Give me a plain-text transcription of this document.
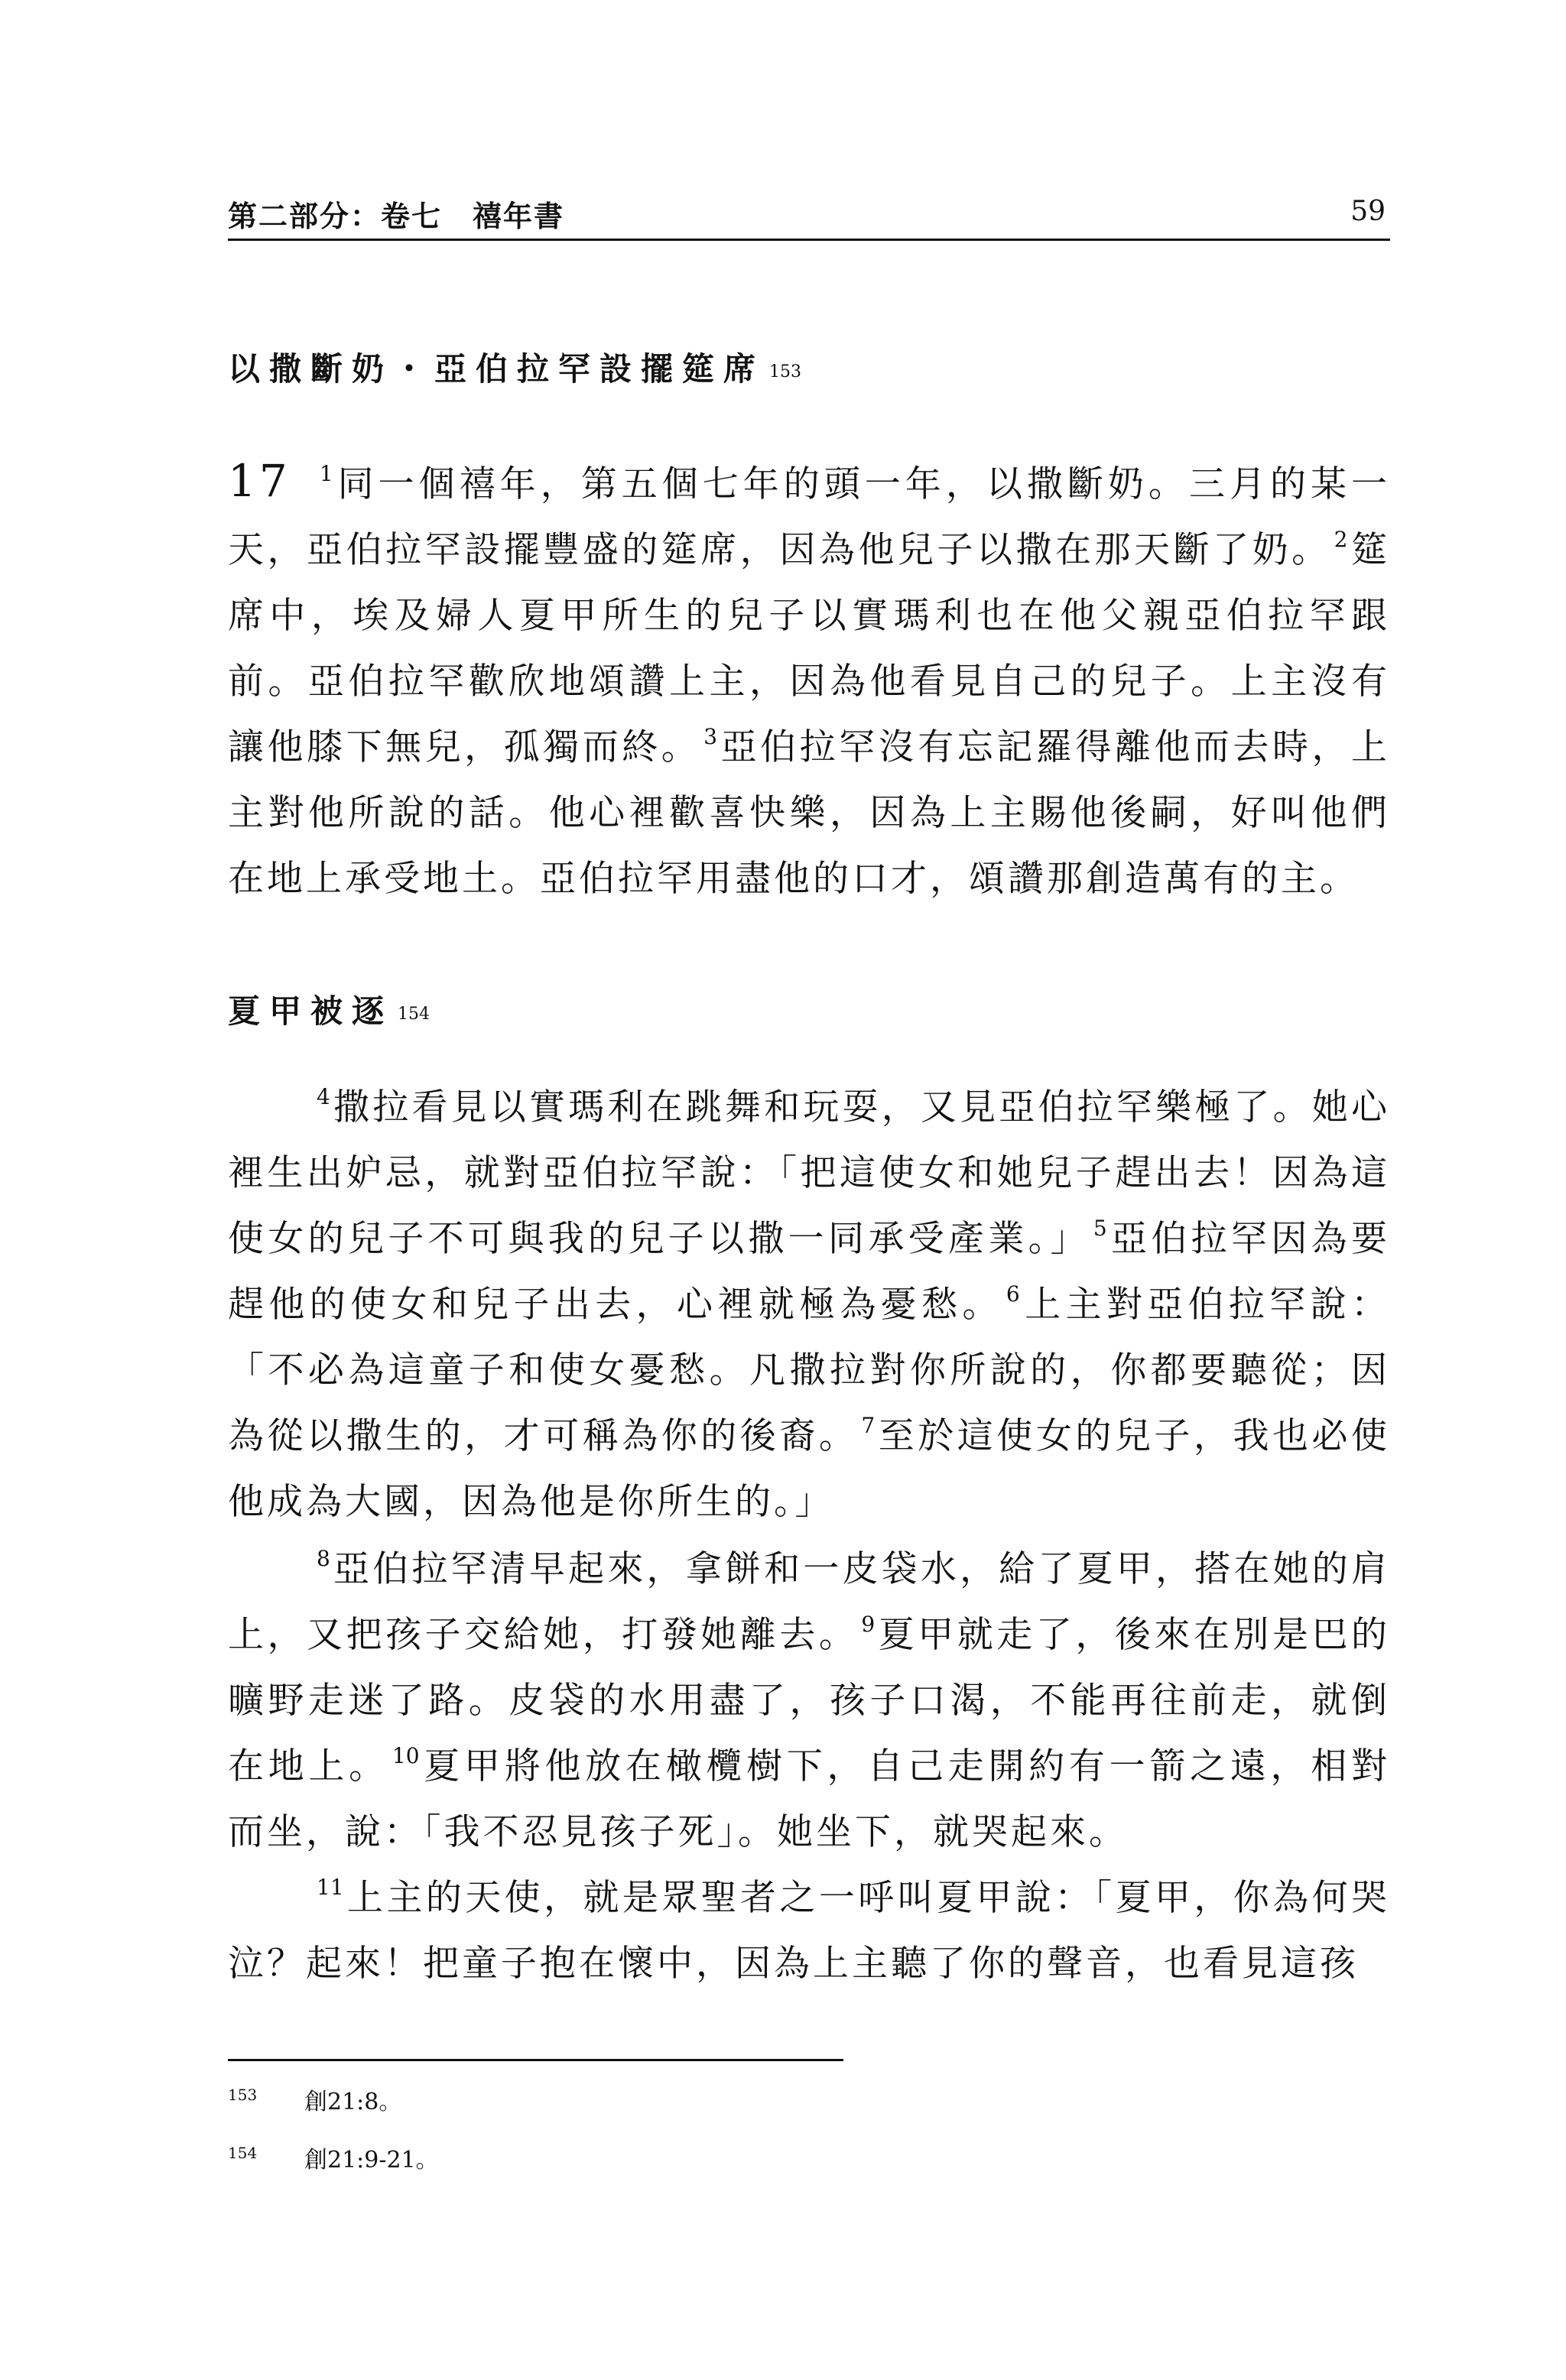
第二部分：卷七　禧年書	59
以撒斷奶・亞伯拉罕設擺筵席 153

17 $^1$同一個禧年，第五個七年的頭一年，以撒斷奶。三月的某一天，亞伯拉罕設擺豐盛的筵席，因為他兒子以撒在那天斷了奶。 $^2$筵席中，埃及婦人夏甲所生的兒子以實瑪利也在他父親亞伯拉罕跟前。亞伯拉罕歡欣地頌讚上主，因為他看見自己的兒子。上主沒有讓他膝下無兒，孤獨而終。 $^3$亞伯拉罕沒有忘記羅得離他而去時，上主對他所說的話。他心裡歡喜快樂，因為上主賜他後嗣，好叫他們在地上承受地土。亞伯拉罕用盡他的口才，頌讚那創造萬有的主。

夏甲被逐 154

$^4$撒拉看見以實瑪利在跳舞和玩耍，又見亞伯拉罕樂極了。她心裡生出妒忌，就對亞伯拉罕說：「把這使女和她兒子趕出去！因為這使女的兒子不可與我的兒子以撒一同承受產業。」 $^5$亞伯拉罕因為要趕他的使女和兒子出去，心裡就極為憂愁。 $^6$上主對亞伯拉罕說：「不必為這童子和使女憂愁。凡撒拉對你所說的，你都要聽從；因為從以撒生的，才可稱為你的後裔。 $^7$至於這使女的兒子，我也必使他成為大國，因為他是你所生的。」

$^8$亞伯拉罕清早起來，拿餅和一皮袋水，給了夏甲，搭在她的肩上，又把孩子交給她，打發她離去。 $^9$夏甲就走了，後來在別是巴的曠野走迷了路。皮袋的水用盡了，孩子口渴，不能再往前走，就倒在地上。 $^{10}$夏甲將他放在橄欖樹下，自己走開約有一箭之遠，相對而坐，說：「我不忍見孩子死」。她坐下，就哭起來。

$^{11}$上主的天使，就是眾聖者之一呼叫夏甲說：「夏甲，你為何哭泣？起來！把童子抱在懷中，因為上主聽了你的聲音，也看見這孩

153 創21:8。
154 創21:9-21。
